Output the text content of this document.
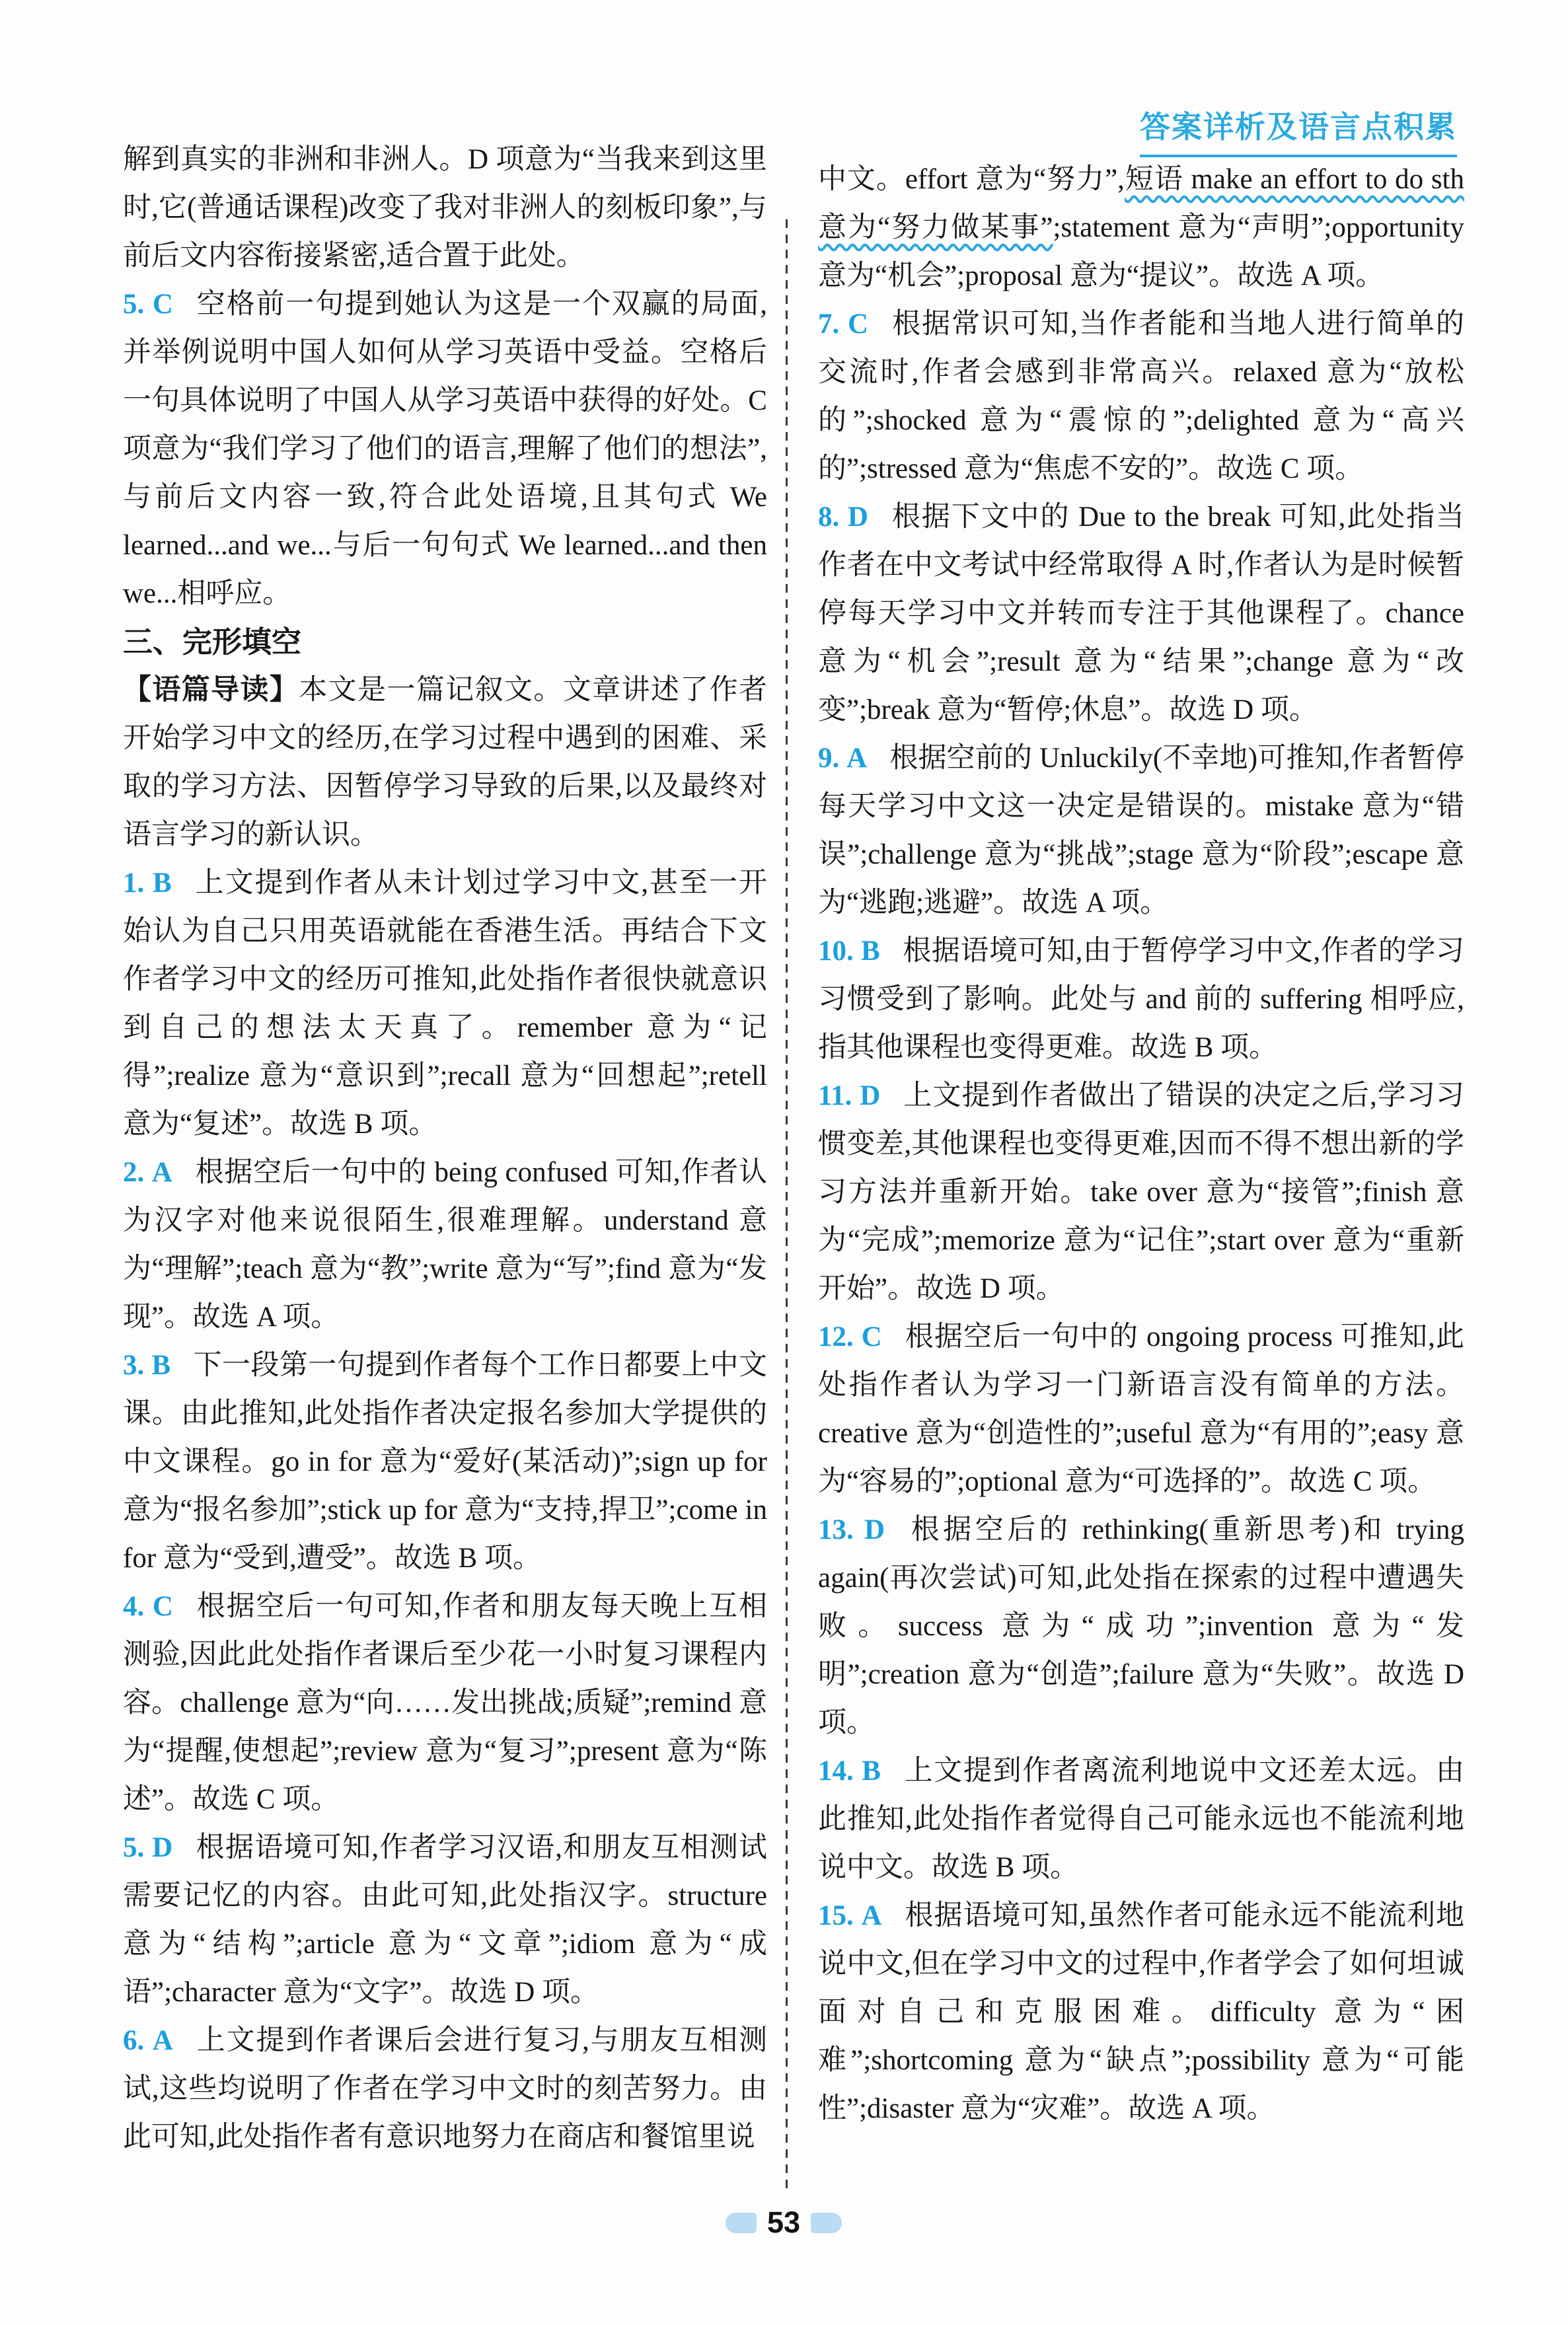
答案详析及语言点积累

解到真实的非洲和非洲人。D 项意为“当我来到这里时,它(普通话课程)改变了我对非洲人的刻板印象”,与前后文内容衔接紧密,适合置于此处。

5. C 空格前一句提到她认为这是一个双赢的局面,并举例说明中国人如何从学习英语中受益。空格后一句具体说明了中国人从学习英语中获得的好处。C 项意为“我们学习了他们的语言,理解了他们的想法”,与前后文内容一致,符合此处语境,且其句式 We learned...and we...与后一句句式 We learned...and then we...相呼应。

三、完形填空

【语篇导读】本文是一篇记叙文。文章讲述了作者开始学习中文的经历,在学习过程中遇到的困难、采取的学习方法、因暂停学习导致的后果,以及最终对语言学习的新认识。

1. B 上文提到作者从未计划过学习中文,甚至一开始认为自己只用英语就能在香港生活。再结合下文作者学习中文的经历可推知,此处指作者很快就意识到自己的想法太天真了。remember 意为“记得”;realize 意为“意识到”;recall 意为“回想起”;retell 意为“复述”。故选 B 项。

2. A 根据空后一句中的 being confused 可知,作者认为汉字对他来说很陌生,很难理解。understand 意为“理解”;teach 意为“教”;write 意为“写”;find 意为“发现”。故选 A 项。

3. B 下一段第一句提到作者每个工作日都要上中文课。由此推知,此处指作者决定报名参加大学提供的中文课程。go in for 意为“爱好(某活动)”;sign up for 意为“报名参加”;stick up for 意为“支持,捍卫”;come in for 意为“受到,遭受”。故选 B 项。

4. C 根据空后一句可知,作者和朋友每天晚上互相测验,因此此处指作者课后至少花一小时复习课程内容。challenge 意为“向……发出挑战;质疑”;remind 意为“提醒,使想起”;review 意为“复习”;present 意为“陈述”。故选 C 项。

5. D 根据语境可知,作者学习汉语,和朋友互相测试需要记忆的内容。由此可知,此处指汉字。structure 意为“结构”;article 意为“文章”;idiom 意为“成语”;character 意为“文字”。故选 D 项。

6. A 上文提到作者课后会进行复习,与朋友互相测试,这些均说明了作者在学习中文时的刻苦努力。由此可知,此处指作者有意识地努力在商店和餐馆里说

中文。effort 意为“努力”,短语 make an effort to do sth 意为“努力做某事”;statement 意为“声明”;opportunity 意为“机会”;proposal 意为“提议”。故选 A 项。

7. C 根据常识可知,当作者能和当地人进行简单的交流时,作者会感到非常高兴。relaxed 意为“放松的”;shocked 意为“震惊的”;delighted 意为“高兴的”;stressed 意为“焦虑不安的”。故选 C 项。

8. D 根据下文中的 Due to the break 可知,此处指当作者在中文考试中经常取得 A 时,作者认为是时候暂停每天学习中文并转而专注于其他课程了。chance 意为“机会”;result 意为“结果”;change 意为“改变”;break 意为“暂停;休息”。故选 D 项。

9. A 根据空前的 Unluckily(不幸地)可推知,作者暂停每天学习中文这一决定是错误的。mistake 意为“错误”;challenge 意为“挑战”;stage 意为“阶段”;escape 意为“逃跑;逃避”。故选 A 项。

10. B 根据语境可知,由于暂停学习中文,作者的学习习惯受到了影响。此处与 and 前的 suffering 相呼应,指其他课程也变得更难。故选 B 项。

11. D 上文提到作者做出了错误的决定之后,学习习惯变差,其他课程也变得更难,因而不得不想出新的学习方法并重新开始。take over 意为“接管”;finish 意为“完成”;memorize 意为“记住”;start over 意为“重新开始”。故选 D 项。

12. C 根据空后一句中的 ongoing process 可推知,此处指作者认为学习一门新语言没有简单的方法。creative 意为“创造性的”;useful 意为“有用的”;easy 意为“容易的”;optional 意为“可选择的”。故选 C 项。

13. D 根据空后的 rethinking(重新思考)和 trying again(再次尝试)可知,此处指在探索的过程中遭遇失败。success 意为“成功”;invention 意为“发明”;creation 意为“创造”;failure 意为“失败”。故选 D 项。

14. B 上文提到作者离流利地说中文还差太远。由此推知,此处指作者觉得自己可能永远也不能流利地说中文。故选 B 项。

15. A 根据语境可知,虽然作者可能永远不能流利地说中文,但在学习中文的过程中,作者学会了如何坦诚面对自己和克服困难。difficulty 意为“困难”;shortcoming 意为“缺点”;possibility 意为“可能性”;disaster 意为“灾难”。故选 A 项。

53
